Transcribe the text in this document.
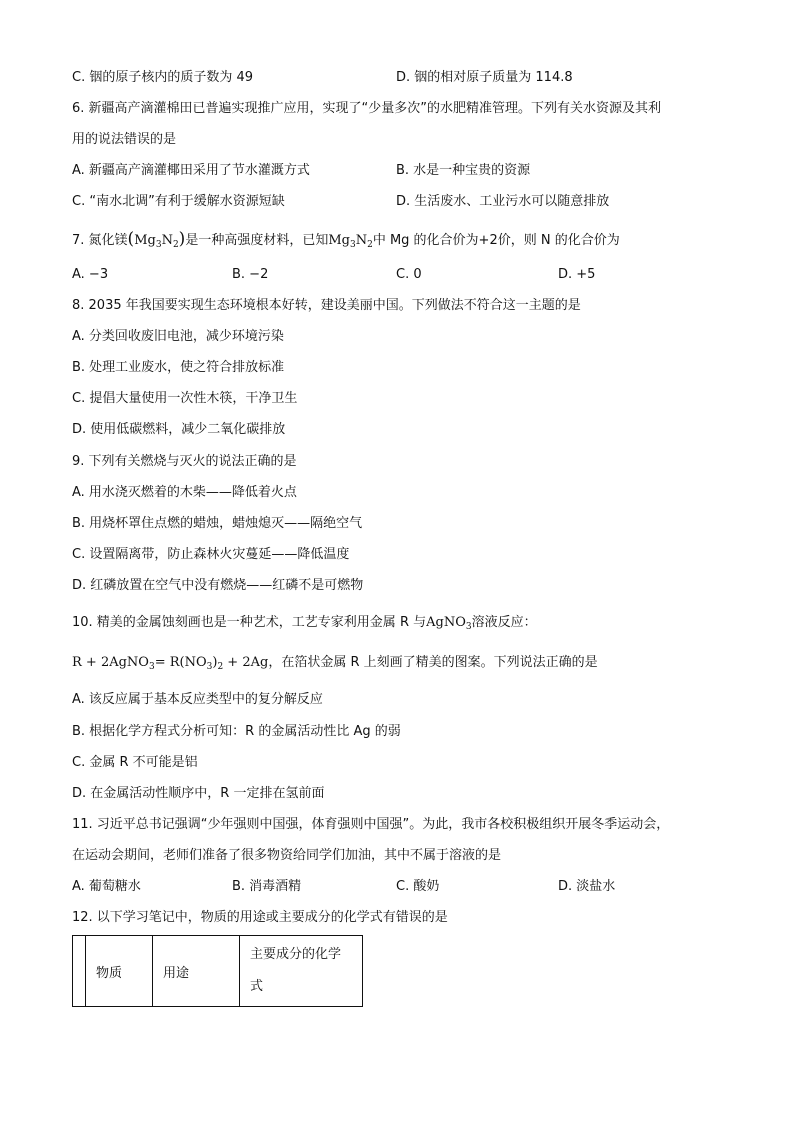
C. 铟的原子核内的质子数为 49	D. 铟的相对原子质量为 114.8
6. 新疆高产滴灌棉田已普遍实现推广应用，实现了“少量多次”的水肥精准管理。下列有关水资源及其利
用的说法错误的是
A. 新疆高产滴灌椰田采用了节水灌溉方式	B. 水是一种宝贵的资源
C. “南水北调”有利于缓解水资源短缺	D. 生活废水、工业污水可以随意排放
7. 氮化镁$(Mg_3N_2)$是一种高强度材料，已知$Mg_3N_2$中 Mg 的化合价为+2价，则 N 的化合价为
A. −3	B. −2	C. 0	D. +5
8. 2035 年我国要实现生态环境根本好转，建设美丽中国。下列做法不符合这一主题的是
A. 分类回收废旧电池，减少环境污染
B. 处理工业废水，使之符合排放标准
C. 提倡大量使用一次性木筷，干净卫生
D. 使用低碳燃料，减少二氧化碳排放
9. 下列有关燃烧与灭火的说法正确的是
A. 用水浇灭燃着的木柴——降低着火点
B. 用烧杯罩住点燃的蜡烛，蜡烛熄灭——隔绝空气
C. 设置隔离带，防止森林火灾蔓延——降低温度
D. 红磷放置在空气中没有燃烧——红磷不是可燃物
10. 精美的金属蚀刻画也是一种艺术，工艺专家利用金属 R 与AgNO$_3$溶液反应：
R + 2AgNO$_3$= $R(NO_3)_2 + 2Ag$，在箔状金属 R 上刻画了精美的图案。下列说法正确的是
A. 该反应属于基本反应类型中的复分解反应
B. 根据化学方程式分析可知：R 的金属活动性比 Ag 的弱
C. 金属 R 不可能是铝
D. 在金属活动性顺序中，R 一定排在氢前面
11. 习近平总书记强调“少年强则中国强，体育强则中国强”。为此，我市各校积极组织开展冬季运动会，
在运动会期间，老师们准备了很多物资给同学们加油，其中不属于溶液的是
A. 葡萄糖水	B. 消毒酒精	C. 酸奶	D. 淡盐水
12. 以下学习笔记中，物质的用途或主要成分的化学式有错误的是
	物质	用途	主要成分的化学
式
